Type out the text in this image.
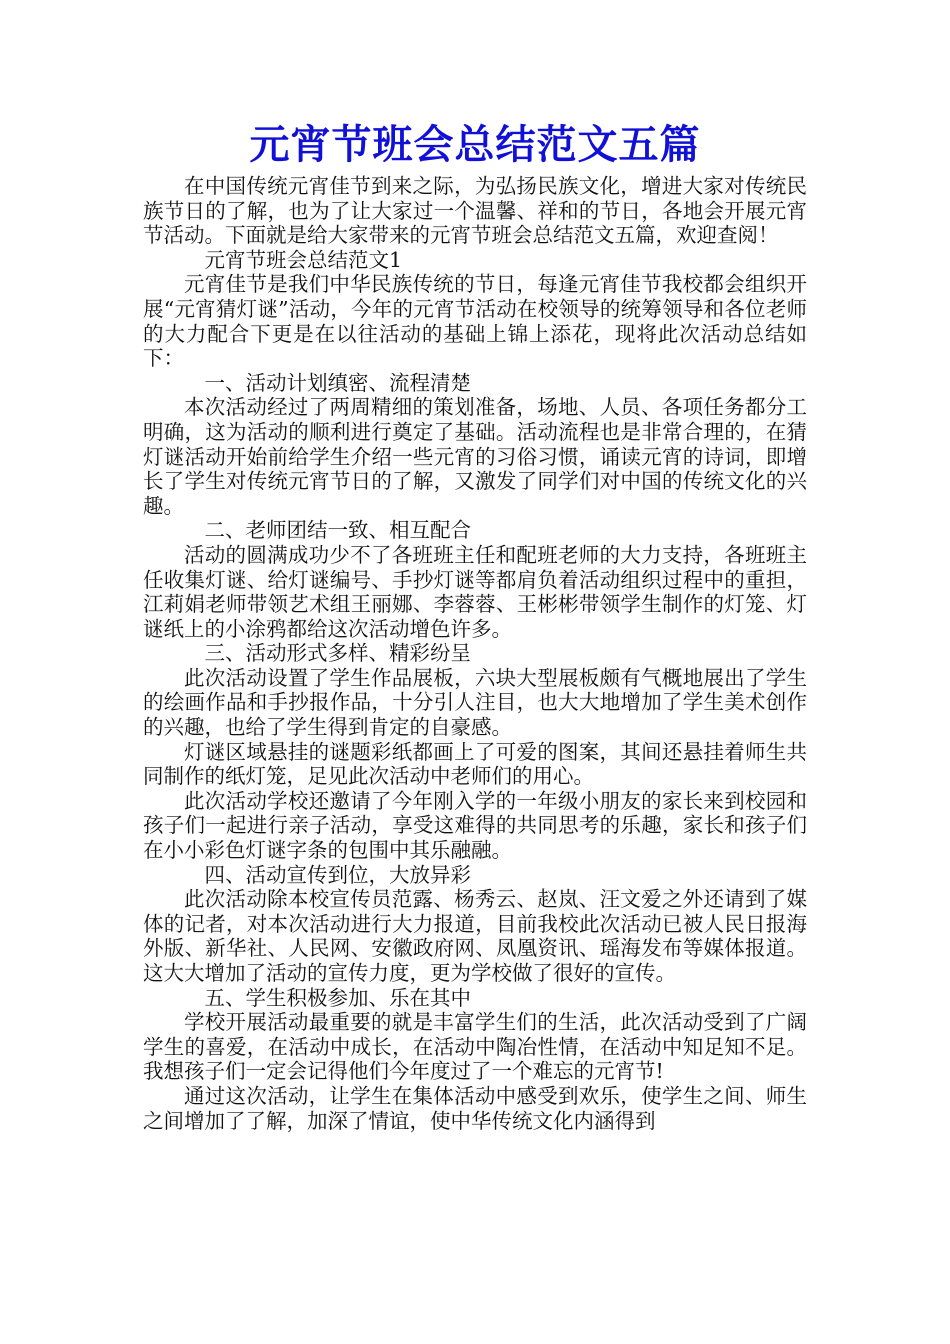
元宵节班会总结范文五篇

在中国传统元宵佳节到来之际，为弘扬民族文化，增进大家对传统民族节日的了解，也为了让大家过一个温馨、祥和的节日，各地会开展元宵节活动。下面就是给大家带来的元宵节班会总结范文五篇，欢迎查阅！

元宵节班会总结范文1

元宵佳节是我们中华民族传统的节日，每逢元宵佳节我校都会组织开展“元宵猜灯谜”活动，今年的元宵节活动在校领导的统筹领导和各位老师的大力配合下更是在以往活动的基础上锦上添花，现将此次活动总结如下：

一、活动计划缜密、流程清楚

本次活动经过了两周精细的策划准备，场地、人员、各项任务都分工明确，这为活动的顺利进行奠定了基础。活动流程也是非常合理的，在猜灯谜活动开始前给学生介绍一些元宵的习俗习惯，诵读元宵的诗词，即增长了学生对传统元宵节日的了解，又激发了同学们对中国的传统文化的兴趣。

二、老师团结一致、相互配合

活动的圆满成功少不了各班班主任和配班老师的大力支持，各班班主任收集灯谜、给灯谜编号、手抄灯谜等都肩负着活动组织过程中的重担，江莉娟老师带领艺术组王丽娜、李蓉蓉、王彬彬带领学生制作的灯笼、灯谜纸上的小涂鸦都给这次活动增色许多。

三、活动形式多样、精彩纷呈

此次活动设置了学生作品展板，六块大型展板颇有气概地展出了学生的绘画作品和手抄报作品，十分引人注目，也大大地增加了学生美术创作的兴趣，也给了学生得到肯定的自豪感。

灯谜区域悬挂的谜题彩纸都画上了可爱的图案，其间还悬挂着师生共同制作的纸灯笼，足见此次活动中老师们的用心。

此次活动学校还邀请了今年刚入学的一年级小朋友的家长来到校园和孩子们一起进行亲子活动，享受这难得的共同思考的乐趣，家长和孩子们在小小彩色灯谜字条的包围中其乐融融。

四、活动宣传到位，大放异彩

此次活动除本校宣传员范露、杨秀云、赵岚、汪文爱之外还请到了媒体的记者，对本次活动进行大力报道，目前我校此次活动已被人民日报海外版、新华社、人民网、安徽政府网、凤凰资讯、瑶海发布等媒体报道。这大大增加了活动的宣传力度，更为学校做了很好的宣传。

五、学生积极参加、乐在其中

学校开展活动最重要的就是丰富学生们的生活，此次活动受到了广阔学生的喜爱，在活动中成长，在活动中陶冶性情，在活动中知足知不足。我想孩子们一定会记得他们今年度过了一个难忘的元宵节!

通过这次活动，让学生在集体活动中感受到欢乐，使学生之间、师生之间增加了了解，加深了情谊，使中华传统文化内涵得到
